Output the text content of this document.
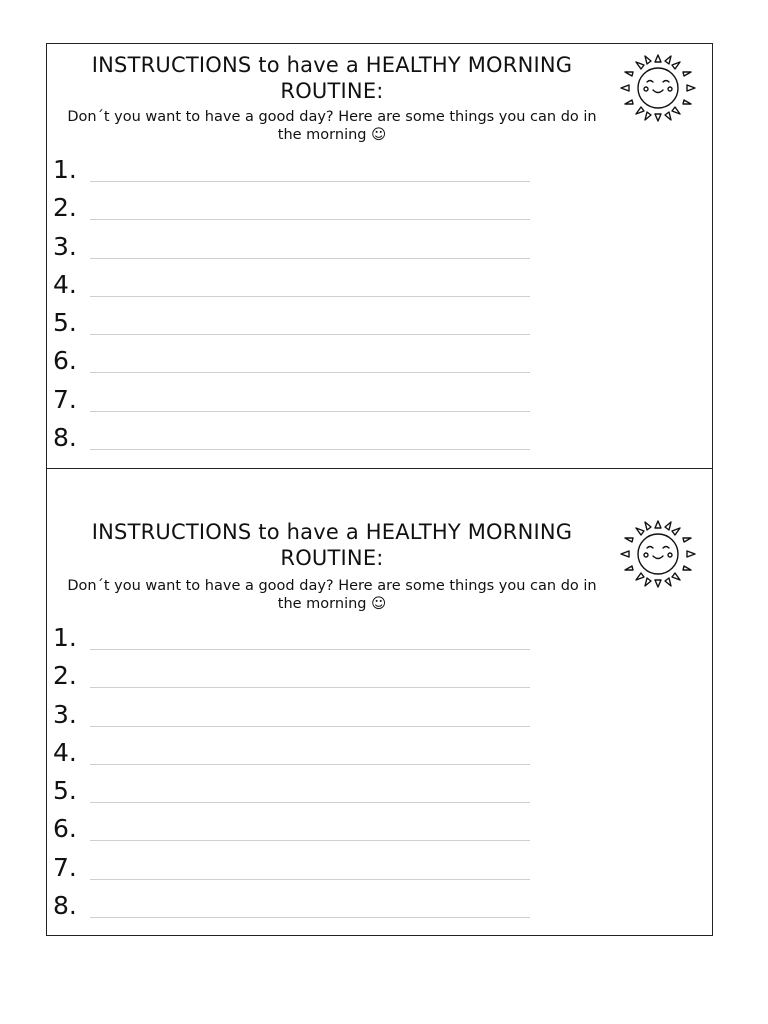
INSTRUCTIONS to have a HEALTHY MORNING ROUTINE:
Don´t you want to have a good day? Here are some things you can do in the morning ☺
1.
2.
3.
4.
5.
6.
7.
8.
INSTRUCTIONS to have a HEALTHY MORNING ROUTINE:
Don´t you want to have a good day? Here are some things you can do in the morning ☺
1.
2.
3.
4.
5.
6.
7.
8.
